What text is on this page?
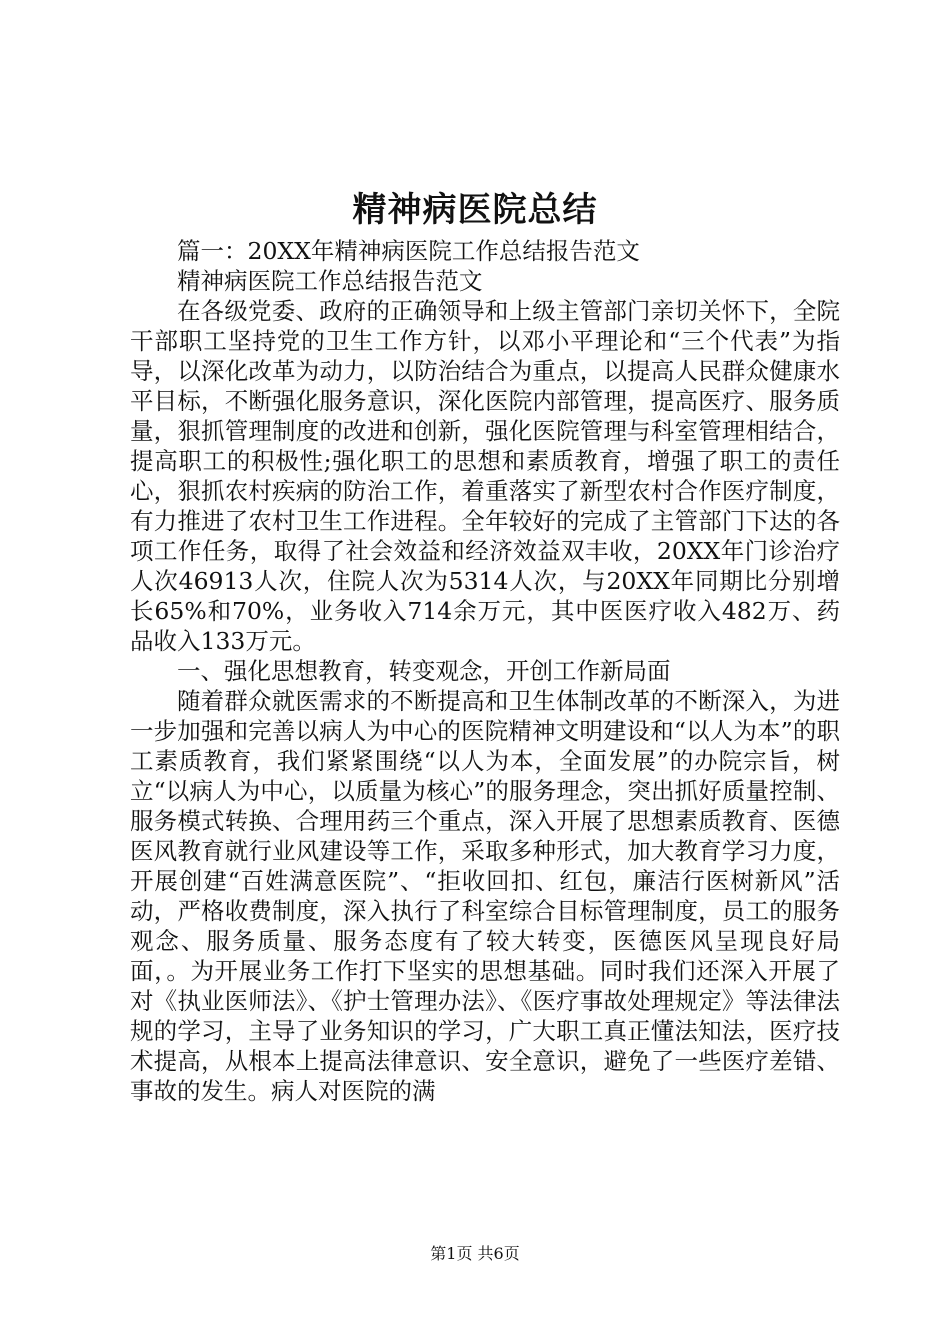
精神病医院总结

篇一：20XX年精神病医院工作总结报告范文

精神病医院工作总结报告范文

在各级党委、政府的正确领导和上级主管部门亲切关怀下，全院干部职工坚持党的卫生工作方针，以邓小平理论和“三个代表”为指导，以深化改革为动力，以防治结合为重点，以提高人民群众健康水平目标，不断强化服务意识，深化医院内部管理，提高医疗、服务质量，狠抓管理制度的改进和创新，强化医院管理与科室管理相结合，提高职工的积极性;强化职工的思想和素质教育，增强了职工的责任心，狠抓农村疾病的防治工作，着重落实了新型农村合作医疗制度，有力推进了农村卫生工作进程。全年较好的完成了主管部门下达的各项工作任务，取得了社会效益和经济效益双丰收，20XX年门诊治疗人次46913人次，住院人次为5314人次，与20XX年同期比分别增长65%和70%，业务收入714余万元，其中医医疗收入482万、药品收入133万元。

一、强化思想教育，转变观念，开创工作新局面

随着群众就医需求的不断提高和卫生体制改革的不断深入，为进一步加强和完善以病人为中心的医院精神文明建设和“以人为本”的职工素质教育，我们紧紧围绕“以人为本，全面发展”的办院宗旨，树立“以病人为中心，以质量为核心”的服务理念，突出抓好质量控制、服务模式转换、合理用药三个重点，深入开展了思想素质教育、医德医风教育就行业风建设等工作，采取多种形式，加大教育学习力度，开展创建“百姓满意医院”、“拒收回扣、红包，廉洁行医树新风”活动，严格收费制度，深入执行了科室综合目标管理制度，员工的服务观念、服务质量、服务态度有了较大转变，医德医风呈现良好局面，。为开展业务工作打下坚实的思想基础。同时我们还深入开展了对《执业医师法》、《护士管理办法》、《医疗事故处理规定》等法律法规的学习，主导了业务知识的学习，广大职工真正懂法知法，医疗技术提高，从根本上提高法律意识、安全意识，避免了一些医疗差错、事故的发生。病人对医院的满

第1页 共6页
